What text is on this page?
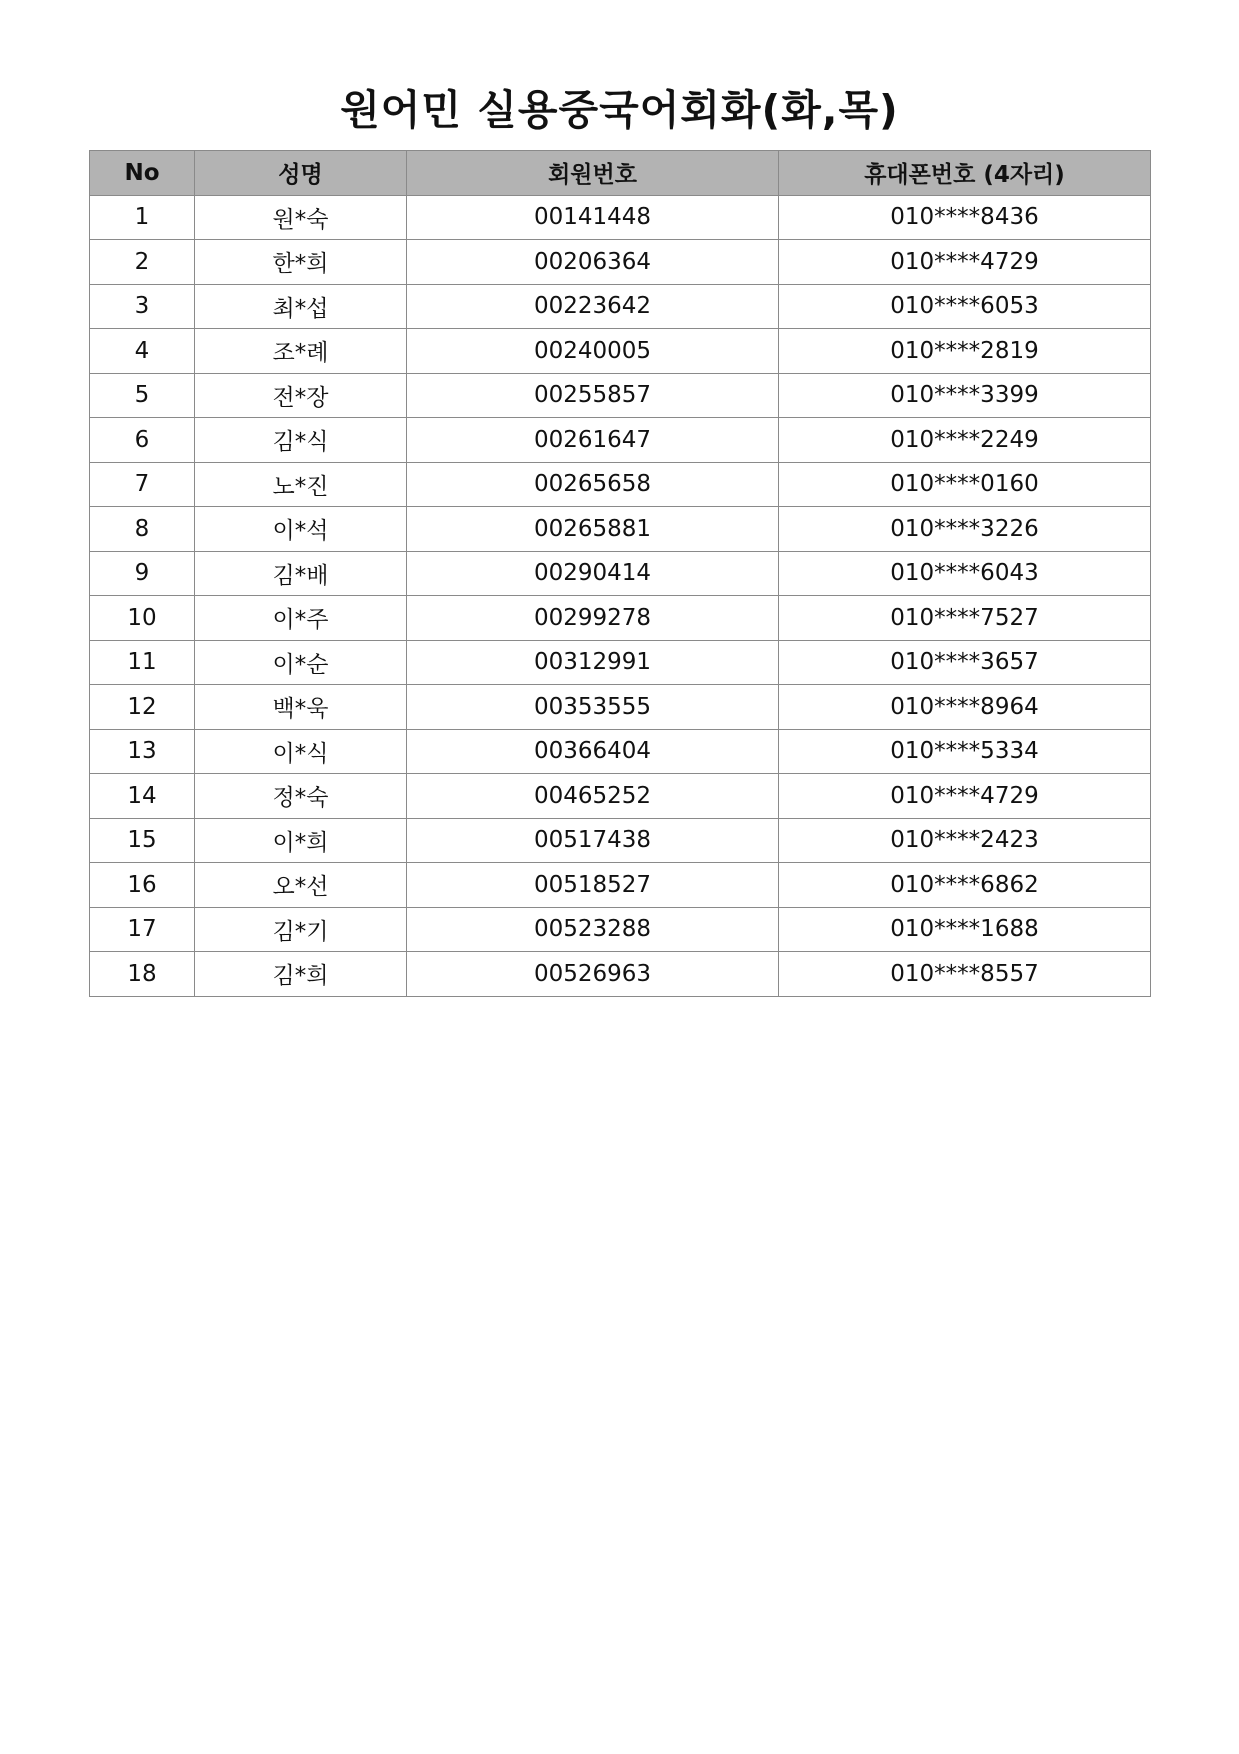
원어민 실용중국어회화(화,목)
No	성명	회원번호	휴대폰번호 (4자리)
1	원*숙	00141448	010****8436
2	한*희	00206364	010****4729
3	최*섭	00223642	010****6053
4	조*례	00240005	010****2819
5	전*장	00255857	010****3399
6	김*식	00261647	010****2249
7	노*진	00265658	010****0160
8	이*석	00265881	010****3226
9	김*배	00290414	010****6043
10	이*주	00299278	010****7527
11	이*순	00312991	010****3657
12	백*욱	00353555	010****8964
13	이*식	00366404	010****5334
14	정*숙	00465252	010****4729
15	이*희	00517438	010****2423
16	오*선	00518527	010****6862
17	김*기	00523288	010****1688
18	김*희	00526963	010****8557
